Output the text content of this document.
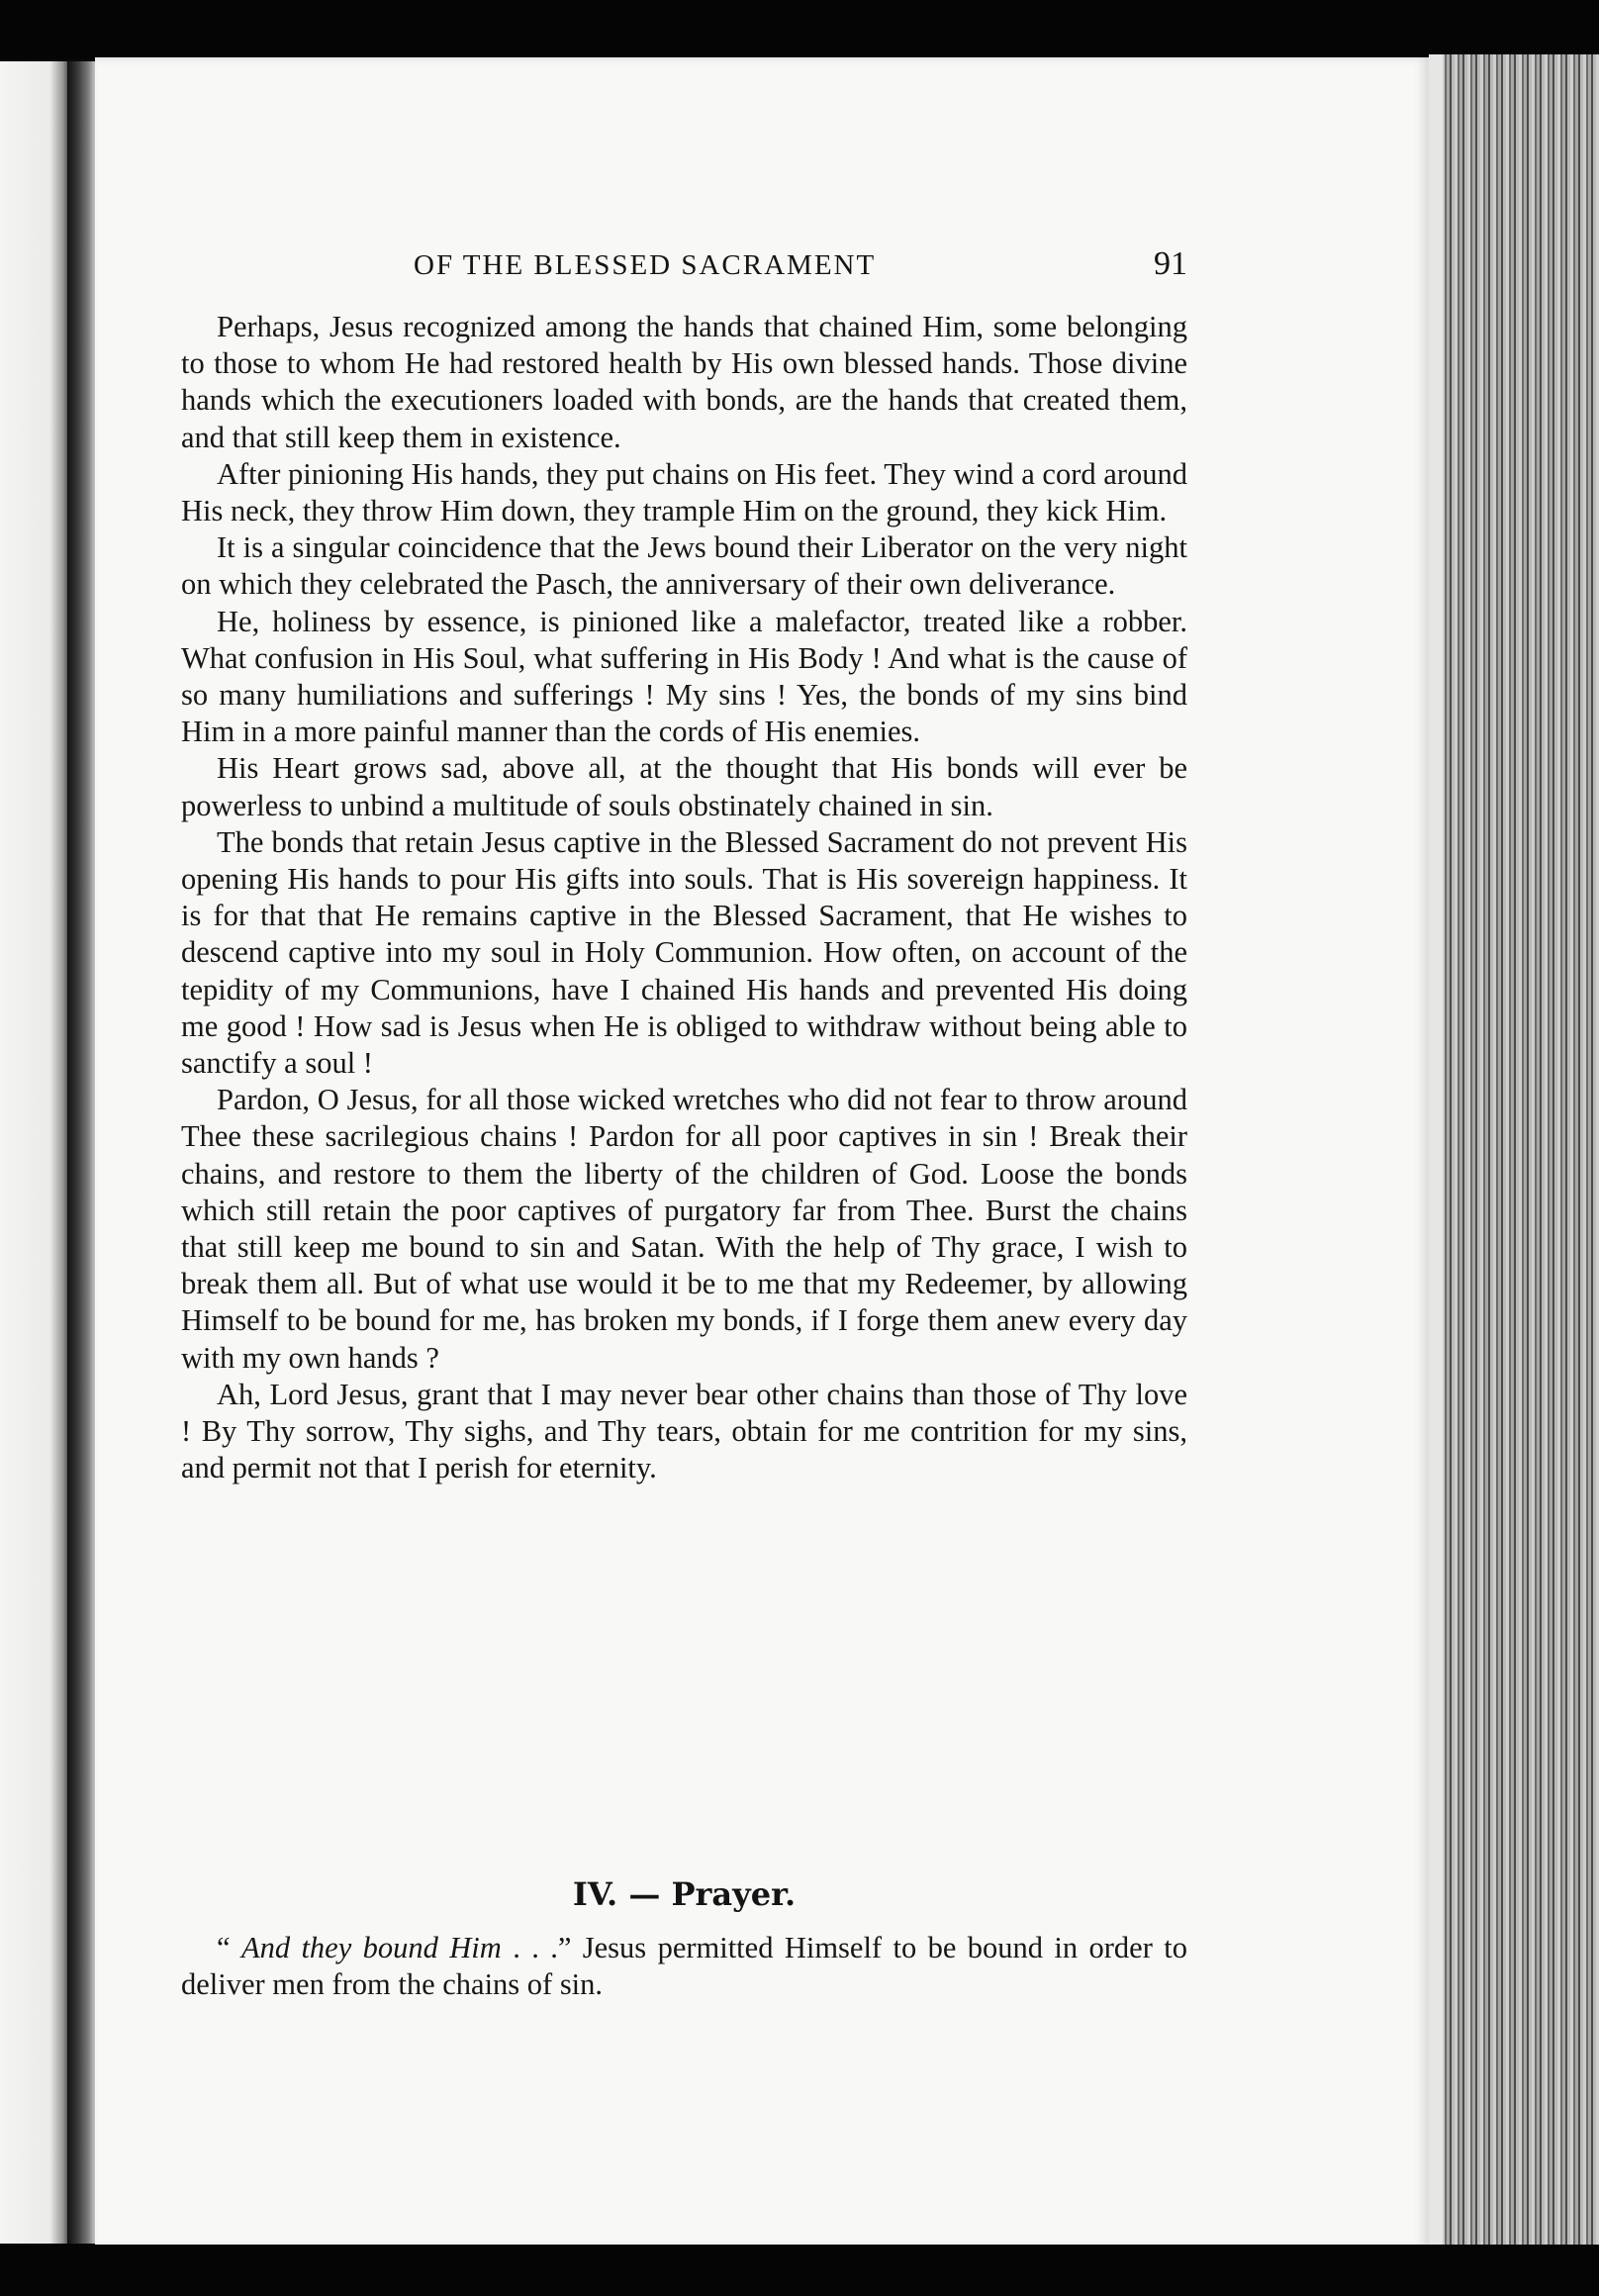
OF THE BLESSED SACRAMENT	91

Perhaps, Jesus recognized among the hands that chained Him, some belonging to those to whom He had restored health by His own blessed hands. Those divine hands which the executioners loaded with bonds, are the hands that created them, and that still keep them in existence.

After pinioning His hands, they put chains on His feet. They wind a cord around His neck, they throw Him down, they trample Him on the ground, they kick Him.

It is a singular coincidence that the Jews bound their Liberator on the very night on which they celebrated the Pasch, the anniversary of their own deliverance.

He, holiness by essence, is pinioned like a malefactor, treated like a robber. What confusion in His Soul, what suffering in His Body ! And what is the cause of so many humiliations and sufferings ! My sins ! Yes, the bonds of my sins bind Him in a more painful manner than the cords of His enemies.

His Heart grows sad, above all, at the thought that His bonds will ever be powerless to unbind a multitude of souls obstinately chained in sin.

The bonds that retain Jesus captive in the Blessed Sacrament do not prevent His opening His hands to pour His gifts into souls. That is His sovereign happiness. It is for that that He remains captive in the Blessed Sacrament, that He wishes to descend captive into my soul in Holy Communion. How often, on account of the tepidity of my Communions, have I chained His hands and prevented His doing me good ! How sad is Jesus when He is obliged to withdraw without being able to sanctify a soul !

Pardon, O Jesus, for all those wicked wretches who did not fear to throw around Thee these sacrilegious chains ! Pardon for all poor captives in sin ! Break their chains, and restore to them the liberty of the children of God. Loose the bonds which still retain the poor captives of purgatory far from Thee. Burst the chains that still keep me bound to sin and Satan. With the help of Thy grace, I wish to break them all. But of what use would it be to me that my Redeemer, by allowing Himself to be bound for me, has broken my bonds, if I forge them anew every day with my own hands ?

Ah, Lord Jesus, grant that I may never bear other chains than those of Thy love ! By Thy sorrow, Thy sighs, and Thy tears, obtain for me contrition for my sins, and permit not that I perish for eternity.

IV. — Prayer.

“ And they bound Him . . .” Jesus permitted Himself to be bound in order to deliver men from the chains of sin.
